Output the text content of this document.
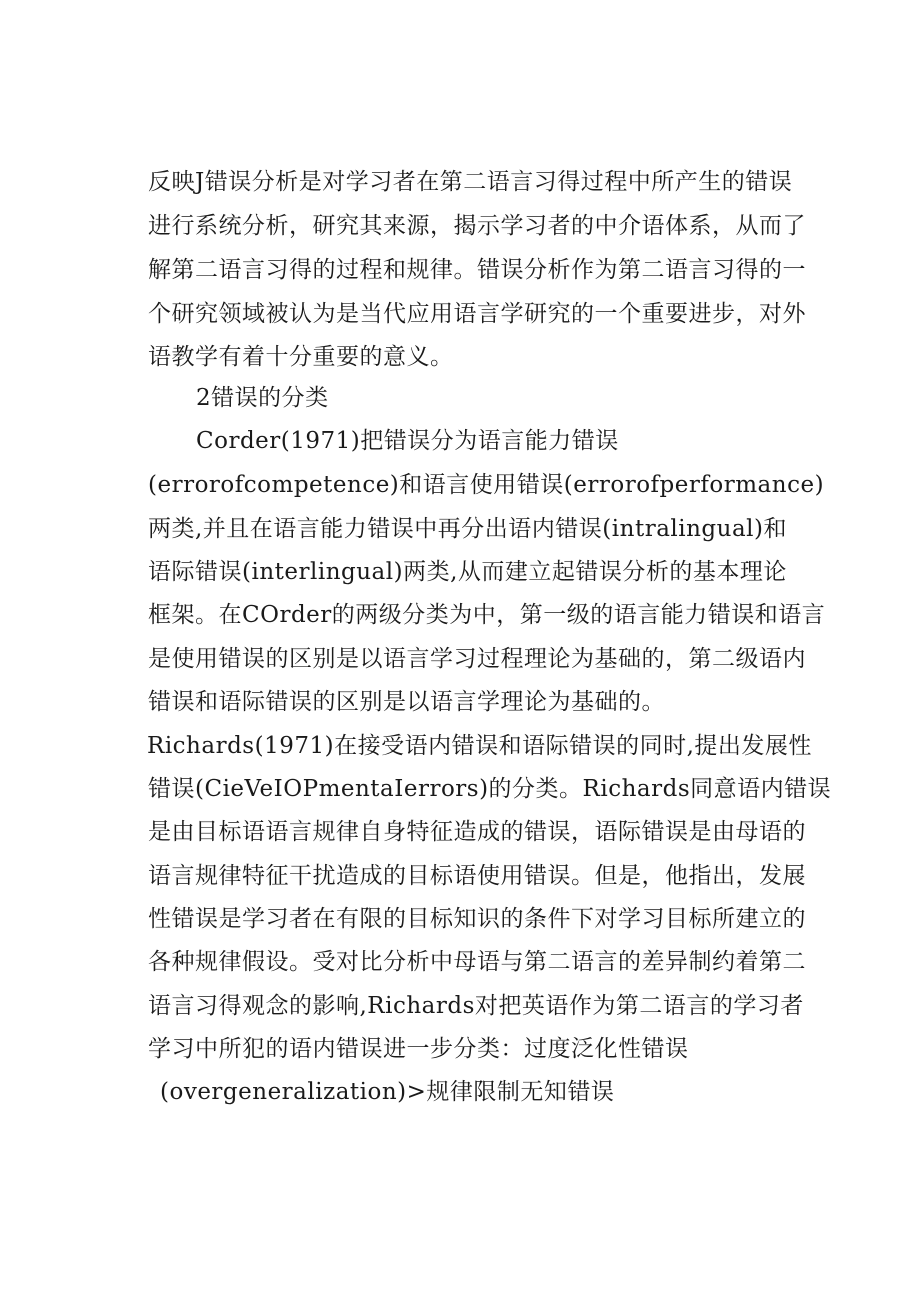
反映J错误分析是对学习者在第二语言习得过程中所产生的错误
进行系统分析，研究其来源，揭示学习者的中介语体系，从而了
解第二语言习得的过程和规律。错误分析作为第二语言习得的一
个研究领域被认为是当代应用语言学研究的一个重要进步，对外
语教学有着十分重要的意义。
2错误的分类
Corder(1971)把错误分为语言能力错误
(errorofcompetence)和语言使用错误(errorofperformance)
两类,并且在语言能力错误中再分出语内错误(intralingual)和
语际错误(interlingual)两类,从而建立起错误分析的基本理论
框架。在COrder的两级分类为中，第一级的语言能力错误和语言
是使用错误的区别是以语言学习过程理论为基础的，第二级语内
错误和语际错误的区别是以语言学理论为基础的。
Richards(1971)在接受语内错误和语际错误的同时,提出发展性
错误(CieVeIOPmentaIerrors)的分类。Richards同意语内错误
是由目标语语言规律自身特征造成的错误，语际错误是由母语的
语言规律特征干扰造成的目标语使用错误。但是，他指出，发展
性错误是学习者在有限的目标知识的条件下对学习目标所建立的
各种规律假设。受对比分析中母语与第二语言的差异制约着第二
语言习得观念的影响,Richards对把英语作为第二语言的学习者
学习中所犯的语内错误进一步分类：过度泛化性错误
(overgeneralization)>规律限制无知错误
